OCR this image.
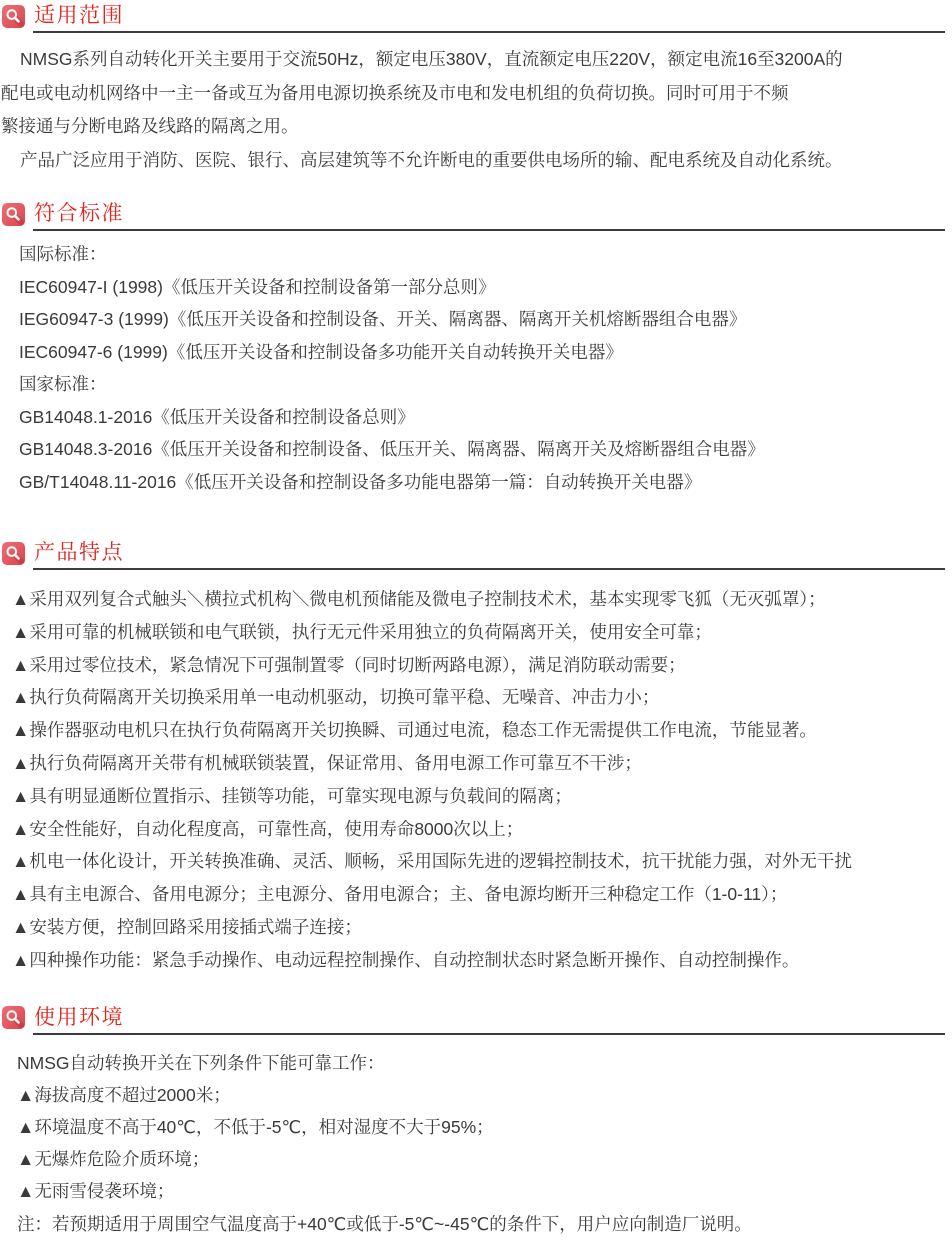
适用范围
NMSG系列自动转化开关主要用于交流50Hz，额定电压380V，直流额定电压220V，额定电流16至3200A的
配电或电动机网络中一主一备或互为备用电源切换系统及市电和发电机组的负荷切换。同时可用于不频
繁接通与分断电路及线路的隔离之用。
产品广泛应用于消防、医院、银行、高层建筑等不允许断电的重要供电场所的输、配电系统及自动化系统。
符合标准
国际标准：
IEC60947-I (1998)《低压开关设备和控制设备第一部分总则》
IEG60947-3 (1999)《低压开关设备和控制设备、开关、隔离器、隔离开关机熔断器组合电器》
IEC60947-6 (1999)《低压开关设备和控制设备多功能开关自动转换开关电器》
国家标准：
GB14048.1-2016《低压开关设备和控制设备总则》
GB14048.3-2016《低压开关设备和控制设备、低压开关、隔离器、隔离开关及熔断器组合电器》
GB/T14048.11-2016《低压开关设备和控制设备多功能电器第一篇：自动转换开关电器》
产品特点
▲采用双列复合式触头＼横拉式机构＼微电机预储能及微电子控制技术术，基本实现零飞狐（无灭弧罩）；
▲采用可靠的机械联锁和电气联锁，执行无元件采用独立的负荷隔离开关，使用安全可靠；
▲采用过零位技术，紧急情况下可强制置零（同时切断两路电源），满足消防联动需要；
▲执行负荷隔离开关切换采用单一电动机驱动，切换可靠平稳、无噪音、冲击力小；
▲操作器驱动电机只在执行负荷隔离开关切换瞬、司通过电流，稳态工作无需提供工作电流，节能显著。
▲执行负荷隔离开关带有机械联锁装置，保证常用、备用电源工作可靠互不干涉；
▲具有明显通断位置指示、挂锁等功能，可靠实现电源与负载间的隔离；
▲安全性能好，自动化程度高，可靠性高，使用寿命8000次以上；
▲机电一体化设计，开关转换准确、灵活、顺畅，采用国际先进的逻辑控制技术，抗干扰能力强，对外无干扰
▲具有主电源合、备用电源分；主电源分、备用电源合；主、备电源均断开三种稳定工作（1-0-11）；
▲安装方便，控制回路采用接插式端子连接；
▲四种操作功能：紧急手动操作、电动远程控制操作、自动控制状态时紧急断开操作、自动控制操作。
使用环境
NMSG自动转换开关在下列条件下能可靠工作：
▲海拔高度不超过2000米；
▲环境温度不高于40℃，不低于-5℃，相对湿度不大于95%；
▲无爆炸危险介质环境；
▲无雨雪侵袭环境；
注：若预期适用于周围空气温度高于+40℃或低于-5℃~-45℃的条件下，用户应向制造厂说明。
